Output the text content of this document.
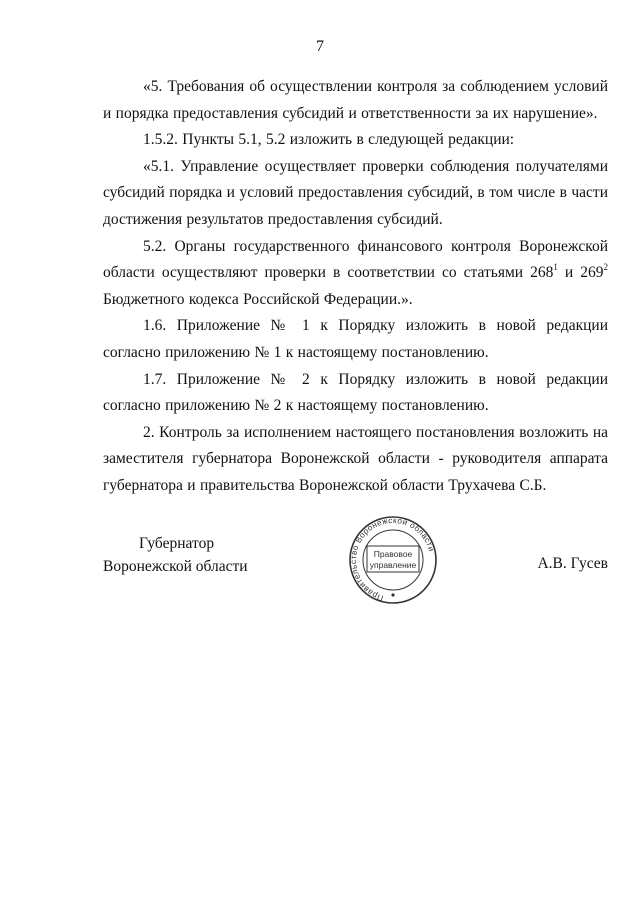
7

«5. Требования об осуществлении контроля за соблюдением условий и порядка предоставления субсидий и ответственности за их нарушение».

1.5.2. Пункты 5.1, 5.2 изложить в следующей редакции:

«5.1. Управление осуществляет проверки соблюдения получателями субсидий порядка и условий предоставления субсидий, в том числе в части достижения результатов предоставления субсидий.

5.2. Органы государственного финансового контроля Воронежской области осуществляют проверки в соответствии со статьями $268^1$ и $269^2$ Бюджетного кодекса Российской Федерации.».

1.6. Приложение № 1 к Порядку изложить в новой редакции согласно приложению № 1 к настоящему постановлению.

1.7. Приложение № 2 к Порядку изложить в новой редакции согласно приложению № 2 к настоящему постановлению.

2. Контроль за исполнением настоящего постановления возложить на заместителя губернатора Воронежской области - руководителя аппарата губернатора и правительства Воронежской области Трухачева С.Б.

Губернатор
Воронежской области	А.В. Гусев
Правительство Воронежской области
Правовое
управление
